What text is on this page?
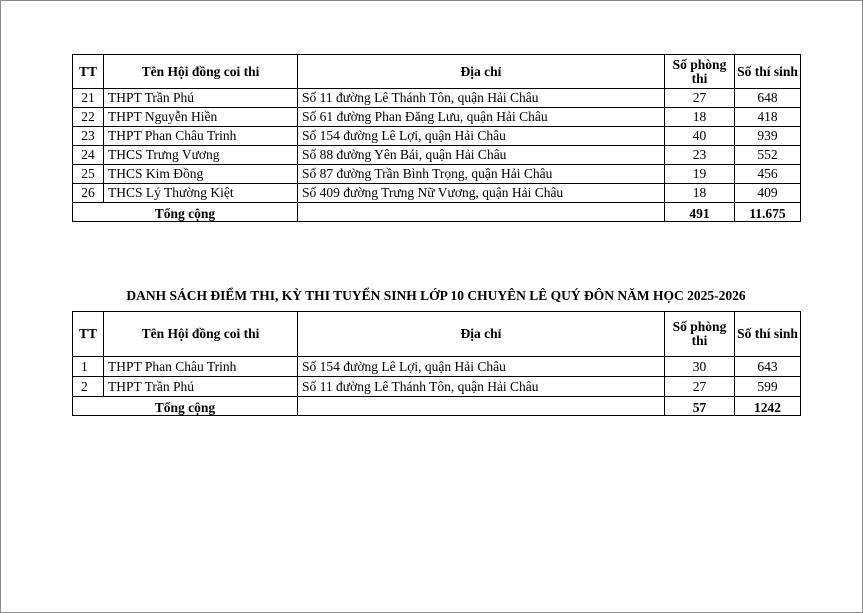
TT	Tên Hội đồng coi thi	Địa chỉ	Số phòng thi	Số thí sinh
21	THPT Trần Phú	Số 11 đường Lê Thánh Tôn, quận Hải Châu	27	648
22	THPT Nguyễn Hiền	Số 61 đường Phan Đăng Lưu, quận Hải Châu	18	418
23	THPT Phan Châu Trinh	Số 154 đường Lê Lợi, quận Hải Châu	40	939
24	THCS Trưng Vương	Số 88 đường Yên Bái, quận Hải Châu	23	552
25	THCS Kim Đồng	Số 87 đường Trần Bình Trọng, quận Hải Châu	19	456
26	THCS Lý Thường Kiệt	Số 409 đường Trưng Nữ Vương, quận Hải Châu	18	409
Tổng cộng			491	11.675
DANH SÁCH ĐIỂM THI, KỲ THI TUYỂN SINH LỚP 10 CHUYÊN LÊ QUÝ ĐÔN NĂM HỌC 2025-2026
TT	Tên Hội đồng coi thi	Địa chỉ	Số phòng thi	Số thí sinh
1	THPT Phan Châu Trinh	Số 154 đường Lê Lợi, quận Hải Châu	30	643
2	THPT Trần Phú	Số 11 đường Lê Thánh Tôn, quận Hải Châu	27	599
Tổng cộng			57	1242
